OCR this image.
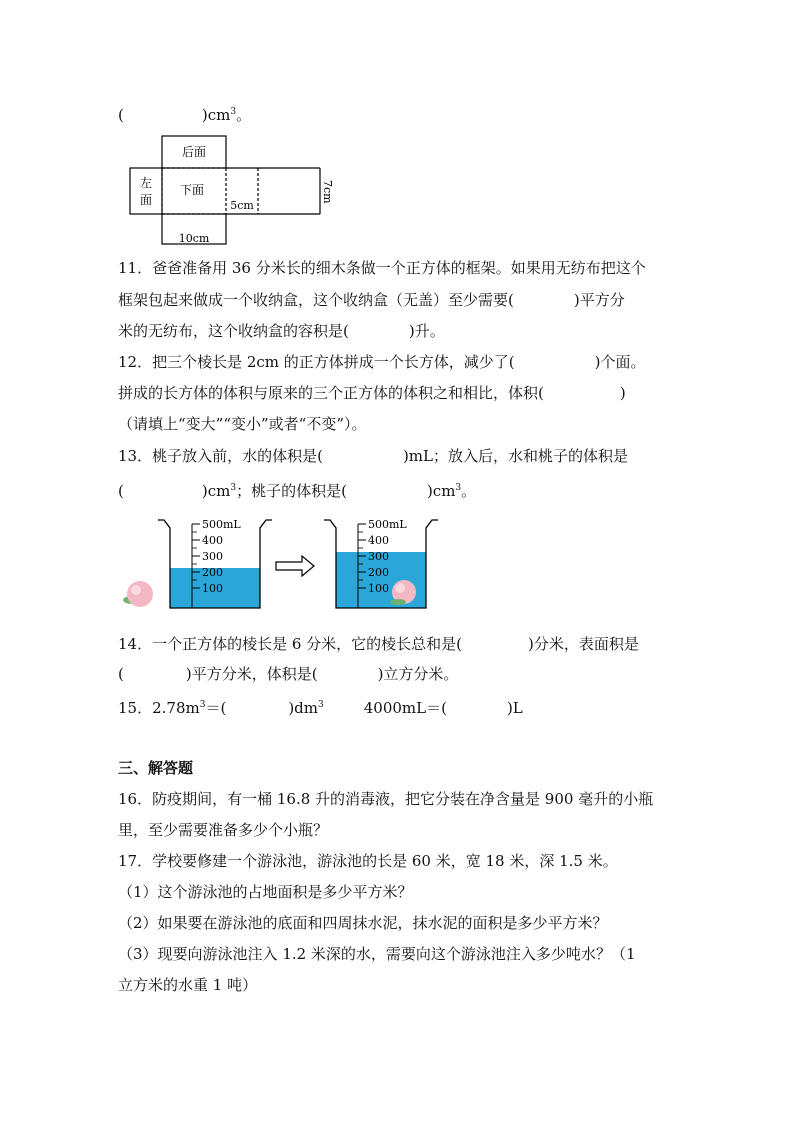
(	)$cm^3$。
后面
左
面
下面
5cm
10cm
7cm
11．爸爸准备用 36 分米长的细木条做一个正方体的框架。如果用无纺布把这个
框架包起来做成一个收纳盒，这个收纳盒（无盖）至少需要(	)平方分
米的无纺布，这个收纳盒的容积是(	)升。
12．把三个棱长是 2cm 的正方体拼成一个长方体，减少了(	)个面。
拼成的长方体的体积与原来的三个正方体的体积之和相比，体积(	)
（请填上“变大”“变小”或者“不变”）。
13．桃子放入前，水的体积是(	)mL；放入后，水和桃子的体积是
(	)$cm^3$；桃子的体积是(	)$cm^3$。
500mL
400
300
200
100
500mL
400
300
200
100
14．一个正方体的棱长是 6 分米，它的棱长总和是(	)分米，表面积是
(	)平方分米，体积是(	)立方分米。
15．$2.78m^3=$(	)$dm^3$	4000mL＝(	)L
三、解答题
16．防疫期间，有一桶 16.8 升的消毒液，把它分装在净含量是 900 毫升的小瓶
里，至少需要准备多少个小瓶？
17．学校要修建一个游泳池，游泳池的长是 60 米，宽 18 米，深 1.5 米。
（1）这个游泳池的占地面积是多少平方米？
（2）如果要在游泳池的底面和四周抹水泥，抹水泥的面积是多少平方米？
（3）现要向游泳池注入 1.2 米深的水，需要向这个游泳池注入多少吨水？（1
立方米的水重 1 吨）
